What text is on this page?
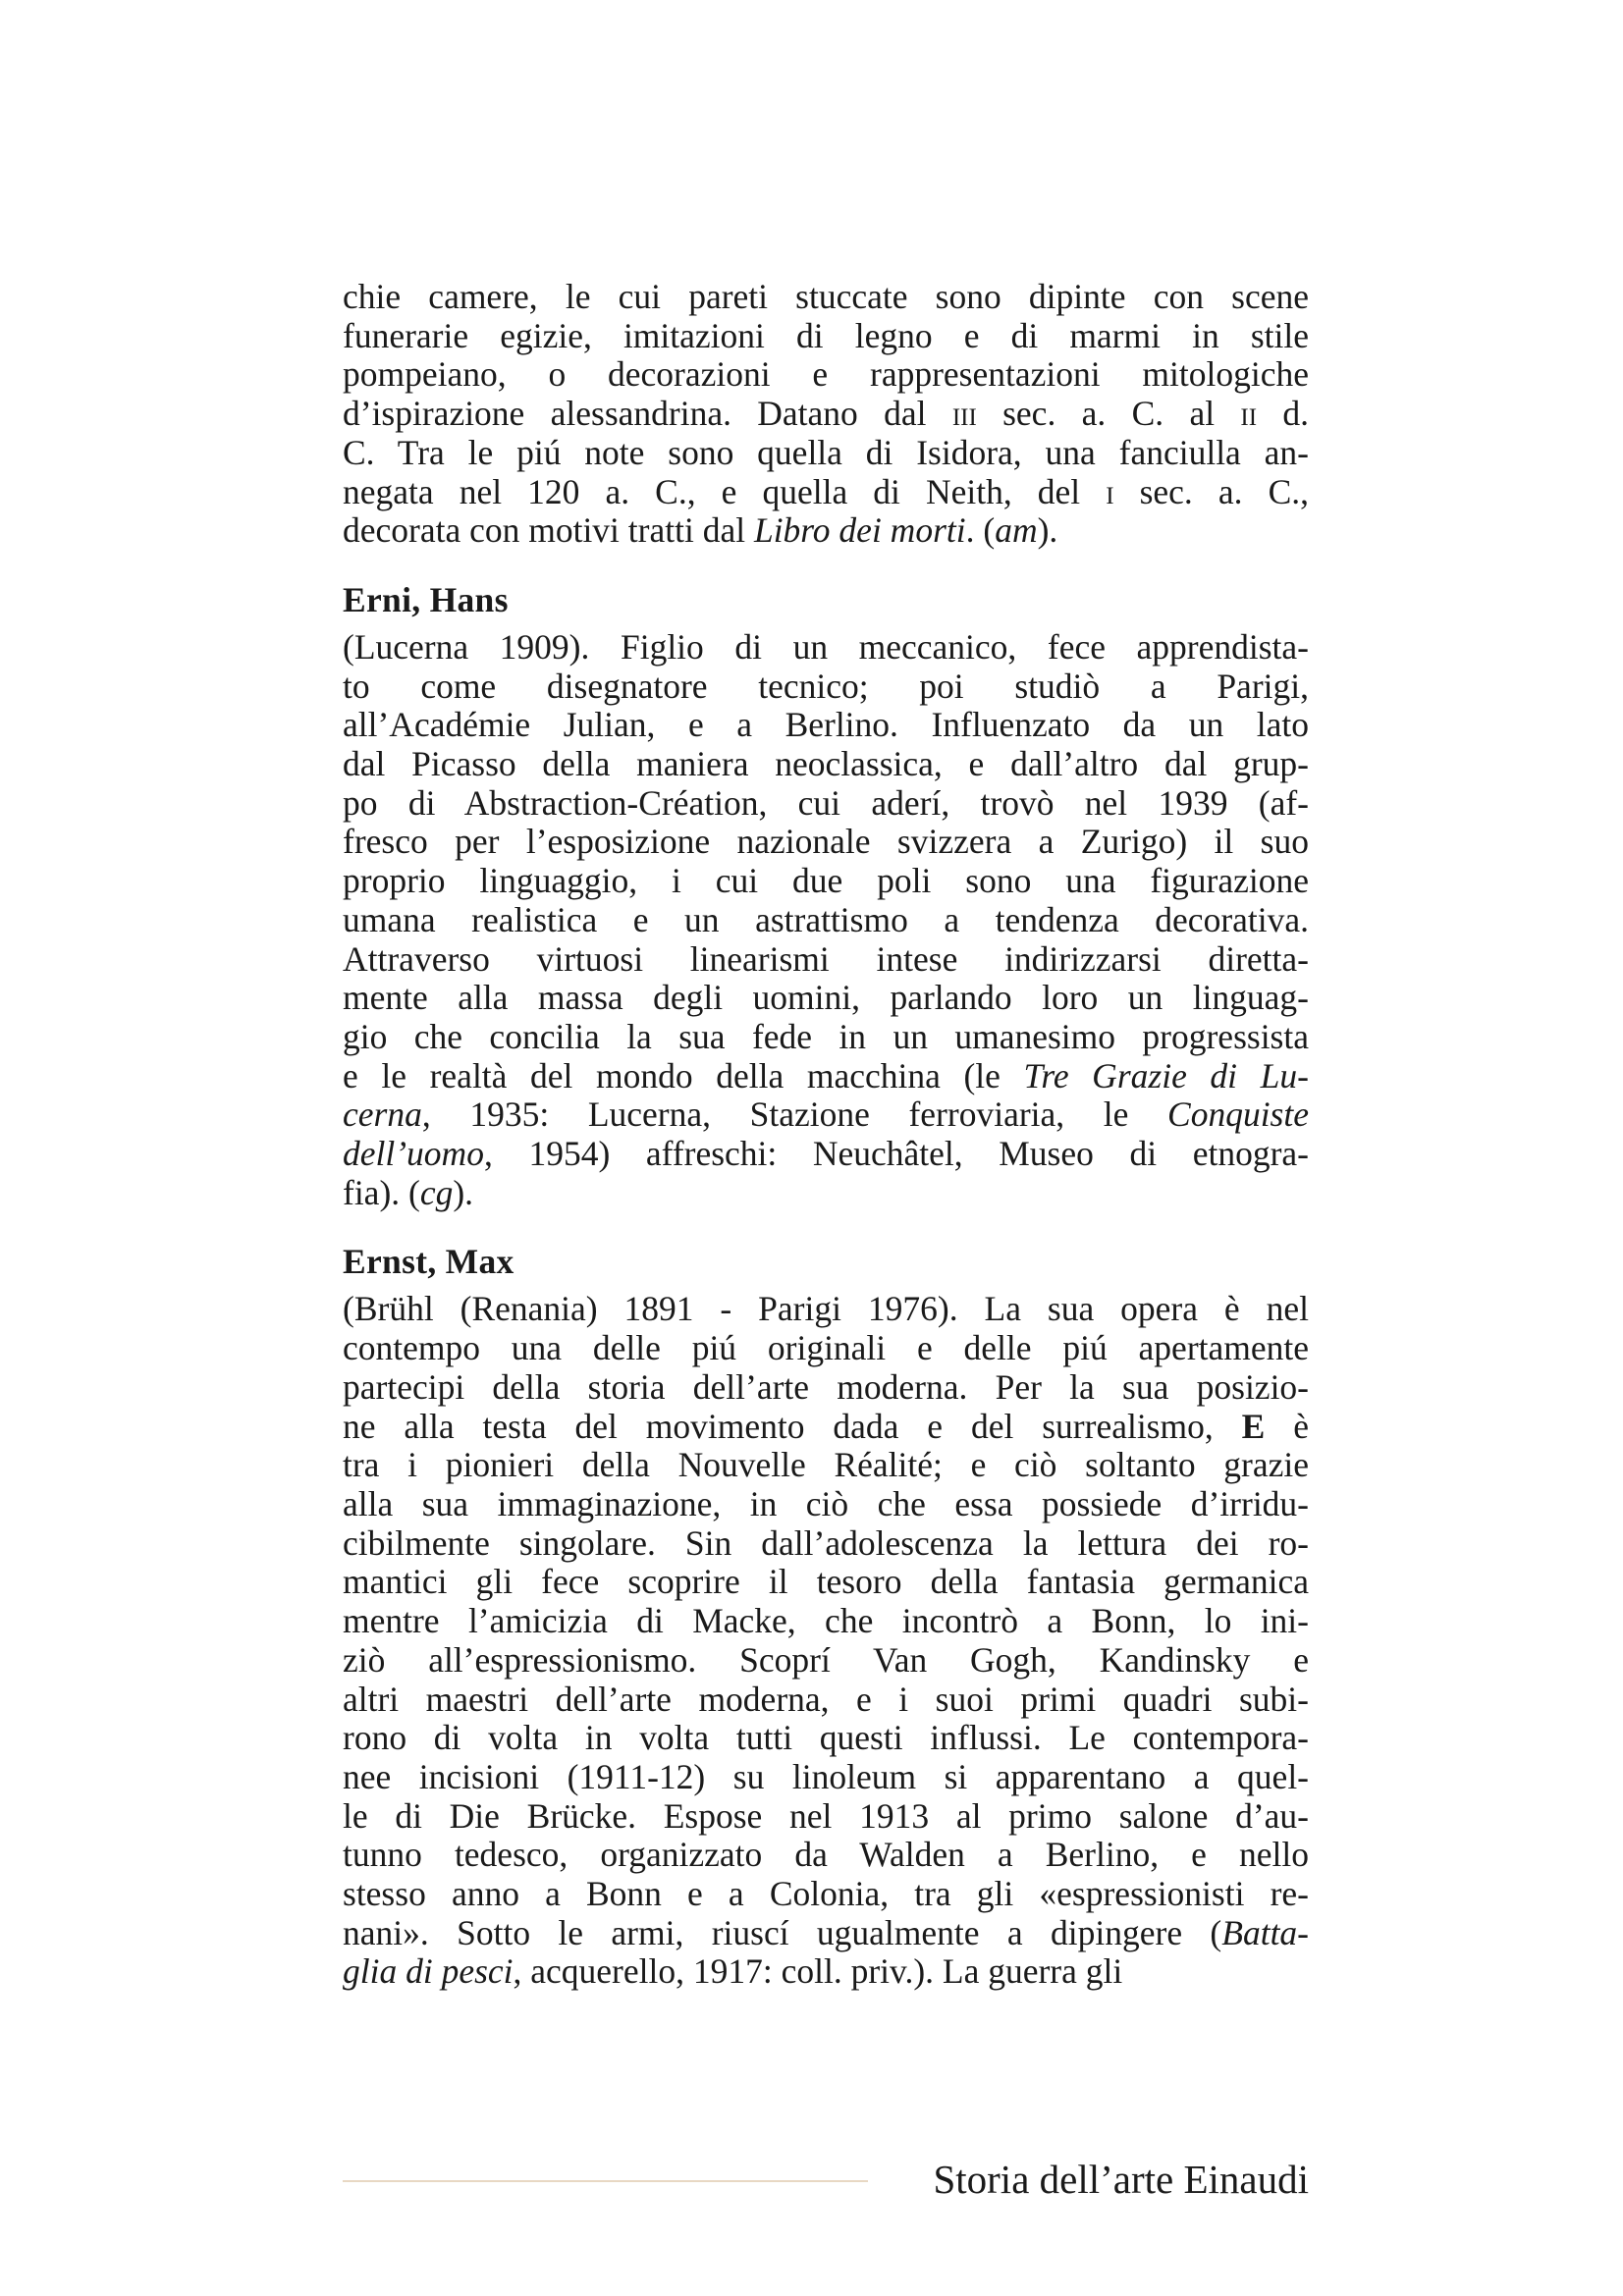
chie camere, le cui pareti stuccate sono dipinte con scene
funerarie egizie, imitazioni di legno e di marmi in stile
pompeiano, o decorazioni e rappresentazioni mitologiche
d’ispirazione alessandrina. Datano dal iii sec. a. C. al ii d.
C. Tra le piú note sono quella di Isidora, una fanciulla an-
negata nel 120 a. C., e quella di Neith, del i sec. a. C.,
decorata con motivi tratti dal Libro dei morti. (am).

Erni, Hans

(Lucerna 1909). Figlio di un meccanico, fece apprendista-
to come disegnatore tecnico; poi studiò a Parigi,
all’Académie Julian, e a Berlino. Influenzato da un lato
dal Picasso della maniera neoclassica, e dall’altro dal grup-
po di Abstraction-Création, cui aderí, trovò nel 1939 (af-
fresco per l’esposizione nazionale svizzera a Zurigo) il suo
proprio linguaggio, i cui due poli sono una figurazione
umana realistica e un astrattismo a tendenza decorativa.
Attraverso virtuosi linearismi intese indirizzarsi diretta-
mente alla massa degli uomini, parlando loro un linguag-
gio che concilia la sua fede in un umanesimo progressista
e le realtà del mondo della macchina (le Tre Grazie di Lu-
cerna, 1935: Lucerna, Stazione ferroviaria, le Conquiste
dell’uomo, 1954) affreschi: Neuchâtel, Museo di etnogra-
fia). (cg).

Ernst, Max

(Brühl (Renania) 1891 - Parigi 1976). La sua opera è nel
contempo una delle piú originali e delle piú apertamente
partecipi della storia dell’arte moderna. Per la sua posizio-
ne alla testa del movimento dada e del surrealismo, E è
tra i pionieri della Nouvelle Réalité; e ciò soltanto grazie
alla sua immaginazione, in ciò che essa possiede d’irridu-
cibilmente singolare. Sin dall’adolescenza la lettura dei ro-
mantici gli fece scoprire il tesoro della fantasia germanica
mentre l’amicizia di Macke, che incontrò a Bonn, lo ini-
ziò all’espressionismo. Scoprí Van Gogh, Kandinsky e
altri maestri dell’arte moderna, e i suoi primi quadri subi-
rono di volta in volta tutti questi influssi. Le contempora-
nee incisioni (1911-12) su linoleum si apparentano a quel-
le di Die Brücke. Espose nel 1913 al primo salone d’au-
tunno tedesco, organizzato da Walden a Berlino, e nello
stesso anno a Bonn e a Colonia, tra gli «espressionisti re-
nani». Sotto le armi, riuscí ugualmente a dipingere (Batta-
glia di pesci, acquerello, 1917: coll. priv.). La guerra gli

Storia dell’arte Einaudi
